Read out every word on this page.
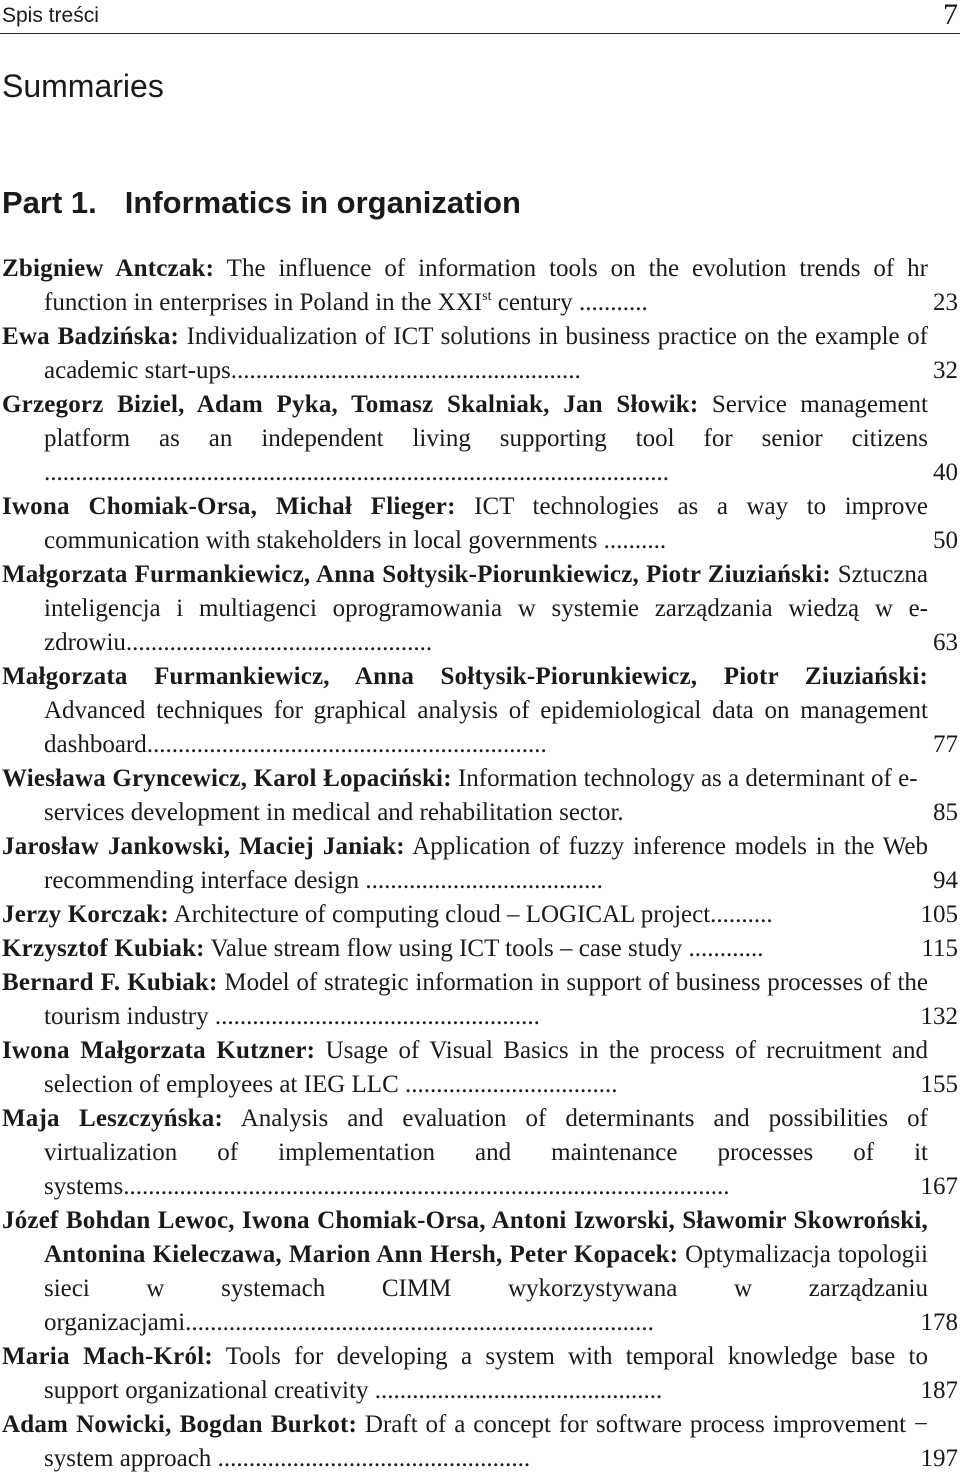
Spis treści	7
Summaries
Part 1. Informatics in organization
Zbigniew Antczak: The influence of information tools on the evolution trends of hr function in enterprises in Poland in the XXIst century ...........	23
Ewa Badzińska: Individualization of ICT solutions in business practice on the example of academic start-ups........................................................	32
Grzegorz Biziel, Adam Pyka, Tomasz Skalniak, Jan Słowik: Service management platform as an independent living supporting tool for senior citizens ....................................................................................................	40
Iwona Chomiak-Orsa, Michał Flieger: ICT technologies as a way to improve communication with stakeholders in local governments ..........	50
Małgorzata Furmankiewicz, Anna Sołtysik-Piorunkiewicz, Piotr Ziuziański: Sztuczna inteligencja i multiagenci oprogramowania w systemie zarządzania wiedzą w e-zdrowiu.................................................	63
Małgorzata Furmankiewicz, Anna Sołtysik-Piorunkiewicz, Piotr Ziuziański: Advanced techniques for graphical analysis of epidemiological data on management dashboard................................................................	77
Wiesława Gryncewicz, Karol Łopaciński: Information technology as a determinant of e-services development in medical and rehabilitation sector.	85
Jarosław Jankowski, Maciej Janiak: Application of fuzzy inference models in the Web recommending interface design ......................................	94
Jerzy Korczak: Architecture of computing cloud – LOGICAL project..........	105
Krzysztof Kubiak: Value stream flow using ICT tools – case study ............	115
Bernard F. Kubiak: Model of strategic information in support of business processes of the tourism industry ....................................................	132
Iwona Małgorzata Kutzner: Usage of Visual Basics in the process of recruitment and selection of employees at IEG LLC ..................................	155
Maja Leszczyńska: Analysis and evaluation of determinants and possibilities of virtualization of implementation and maintenance processes of it systems.................................................................................................	167
Józef Bohdan Lewoc, Iwona Chomiak-Orsa, Antoni Izworski, Sławomir Skowroński, Antonina Kieleczawa, Marion Ann Hersh, Peter Kopacek: Optymalizacja topologii sieci w systemach CIMM wykorzystywana w zarządzaniu organizacjami...........................................................................	178
Maria Mach-Król: Tools for developing a system with temporal knowledge base to support organizational creativity ..............................................	187
Adam Nowicki, Bogdan Burkot: Draft of a concept for software process improvement − system approach ..................................................	197
